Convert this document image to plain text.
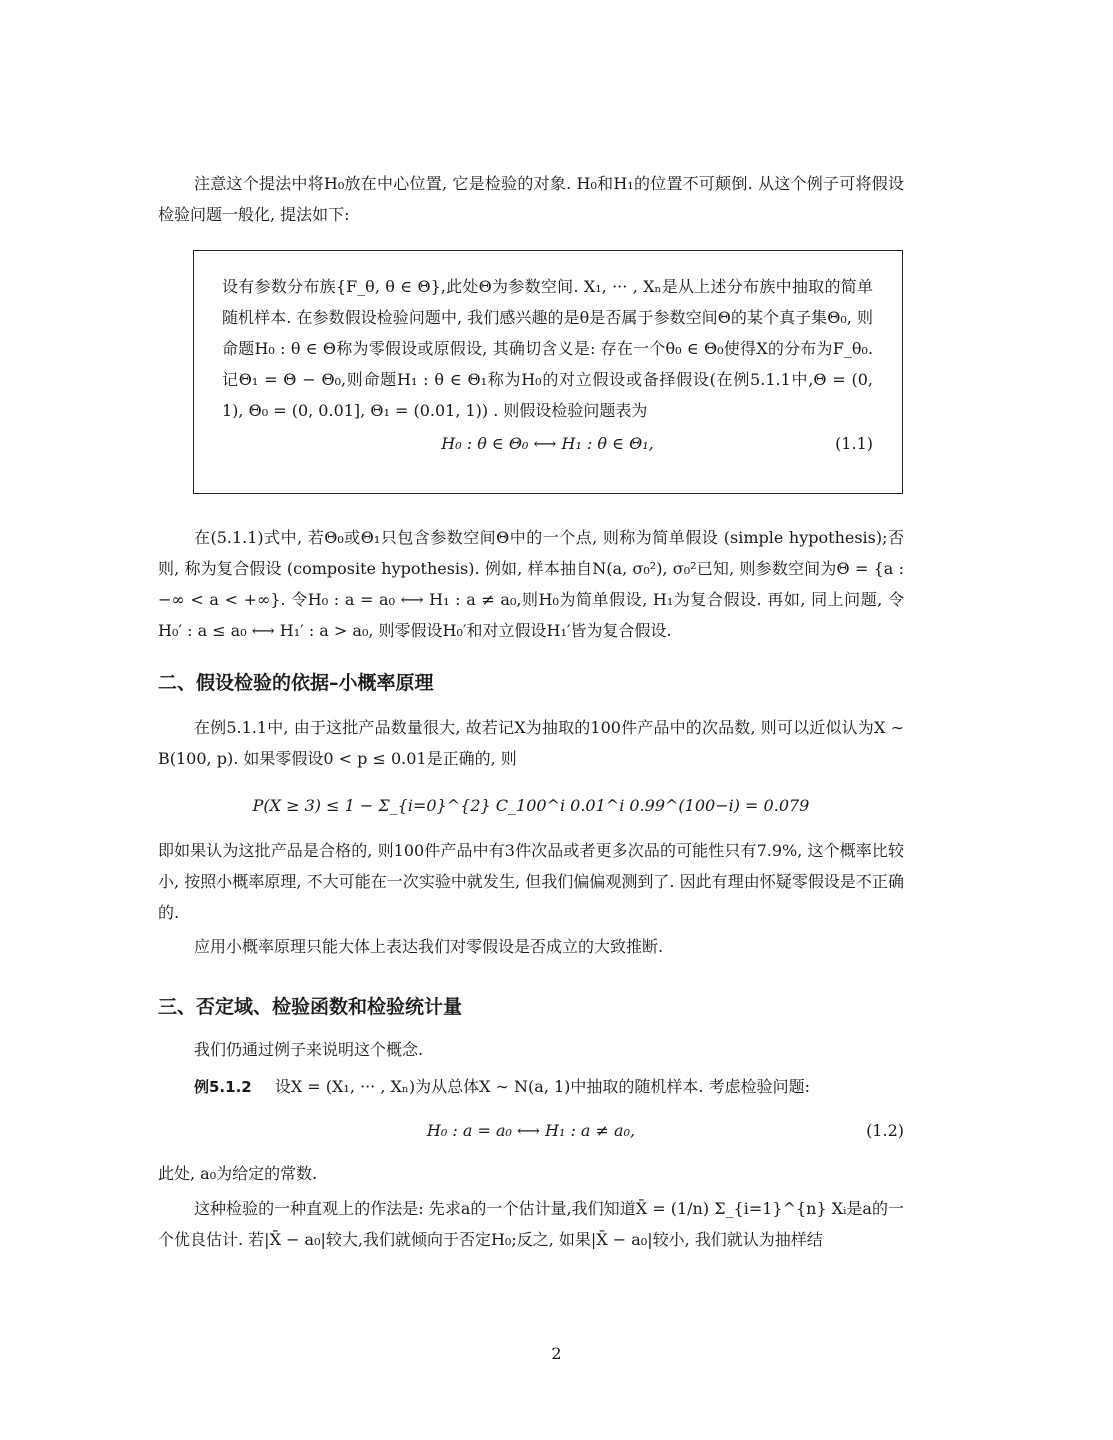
注意这个提法中将H₀放在中心位置, 它是检验的对象. H₀和H₁的位置不可颠倒. 从这个例子可将假设检验问题一般化, 提法如下:

设有参数分布族{F_θ, θ ∈ Θ},此处Θ为参数空间. X₁, ··· , Xₙ是从上述分布族中抽取的简单随机样本. 在参数假设检验问题中, 我们感兴趣的是θ是否属于参数空间Θ的某个真子集Θ₀, 则命题H₀ : θ ∈ Θ称为零假设或原假设, 其确切含义是: 存在一个θ₀ ∈ Θ₀使得X的分布为F_θ₀. 记Θ₁ = Θ − Θ₀,则命题H₁ : θ ∈ Θ₁称为H₀的对立假设或备择假设(在例5.1.1中,Θ = (0, 1), Θ₀ = (0, 0.01], Θ₁ = (0.01, 1)) . 则假设检验问题表为

H₀ : θ ∈ Θ₀ ⟷ H₁ : θ ∈ Θ₁,	(1.1)

在(5.1.1)式中, 若Θ₀或Θ₁只包含参数空间Θ中的一个点, 则称为简单假设 (simple hypothesis);否则, 称为复合假设 (composite hypothesis). 例如, 样本抽自N(a, σ₀²), σ₀²已知, 则参数空间为Θ = {a : −∞ < a < +∞}. 令H₀ : a = a₀ ⟷ H₁ : a ≠ a₀,则H₀为简单假设, H₁为复合假设. 再如, 同上问题, 令H₀′ : a ≤ a₀ ⟷ H₁′ : a > a₀, 则零假设H₀′和对立假设H₁′皆为复合假设.

二、假设检验的依据–小概率原理

在例5.1.1中, 由于这批产品数量很大, 故若记X为抽取的100件产品中的次品数, 则可以近似认为X ∼ B(100, p). 如果零假设0 < p ≤ 0.01是正确的, 则

P(X ≥ 3) ≤ 1 − Σ_{i=0}^{2} C_100^i 0.01^i 0.99^(100−i) = 0.079

即如果认为这批产品是合格的, 则100件产品中有3件次品或者更多次品的可能性只有7.9%, 这个概率比较小, 按照小概率原理, 不大可能在一次实验中就发生, 但我们偏偏观测到了. 因此有理由怀疑零假设是不正确的.

应用小概率原理只能大体上表达我们对零假设是否成立的大致推断.

三、否定域、检验函数和检验统计量

我们仍通过例子来说明这个概念.

例5.1.2 设X = (X₁, ··· , Xₙ)为从总体X ∼ N(a, 1)中抽取的随机样本. 考虑检验问题:

H₀ : a = a₀ ⟷ H₁ : a ≠ a₀,	(1.2)

此处, a₀为给定的常数.

这种检验的一种直观上的作法是: 先求a的一个估计量,我们知道X̄ = (1/n) Σ_{i=1}^{n} Xᵢ是a的一个优良估计. 若|X̄ − a₀|较大,我们就倾向于否定H₀;反之, 如果|X̄ − a₀|较小, 我们就认为抽样结

2
